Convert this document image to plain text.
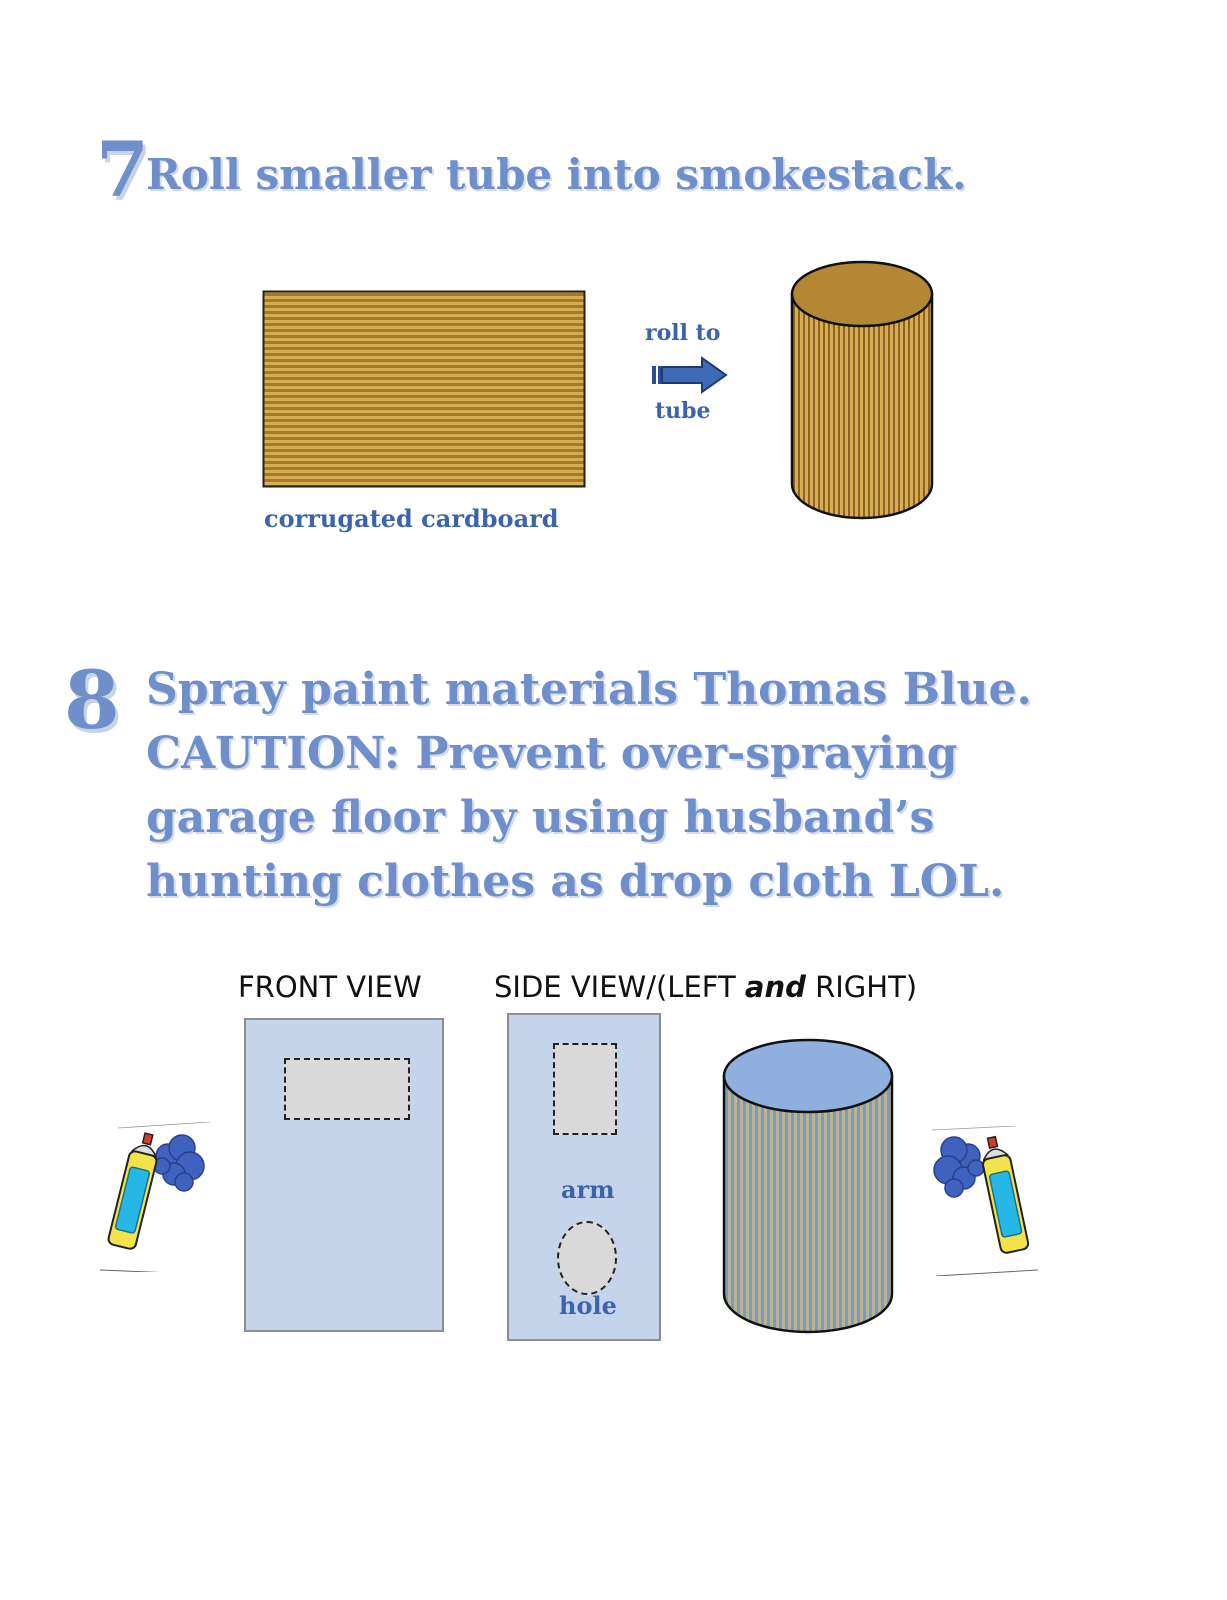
7
Roll smaller tube into smokestack.
corrugated cardboard
roll to
tube
8 Spray paint materials Thomas Blue.
CAUTION: Prevent over-spraying
garage floor by using husband’s
hunting clothes as drop cloth LOL.
FRONT VIEW SIDE VIEW/(LEFT and RIGHT)
arm
hole
